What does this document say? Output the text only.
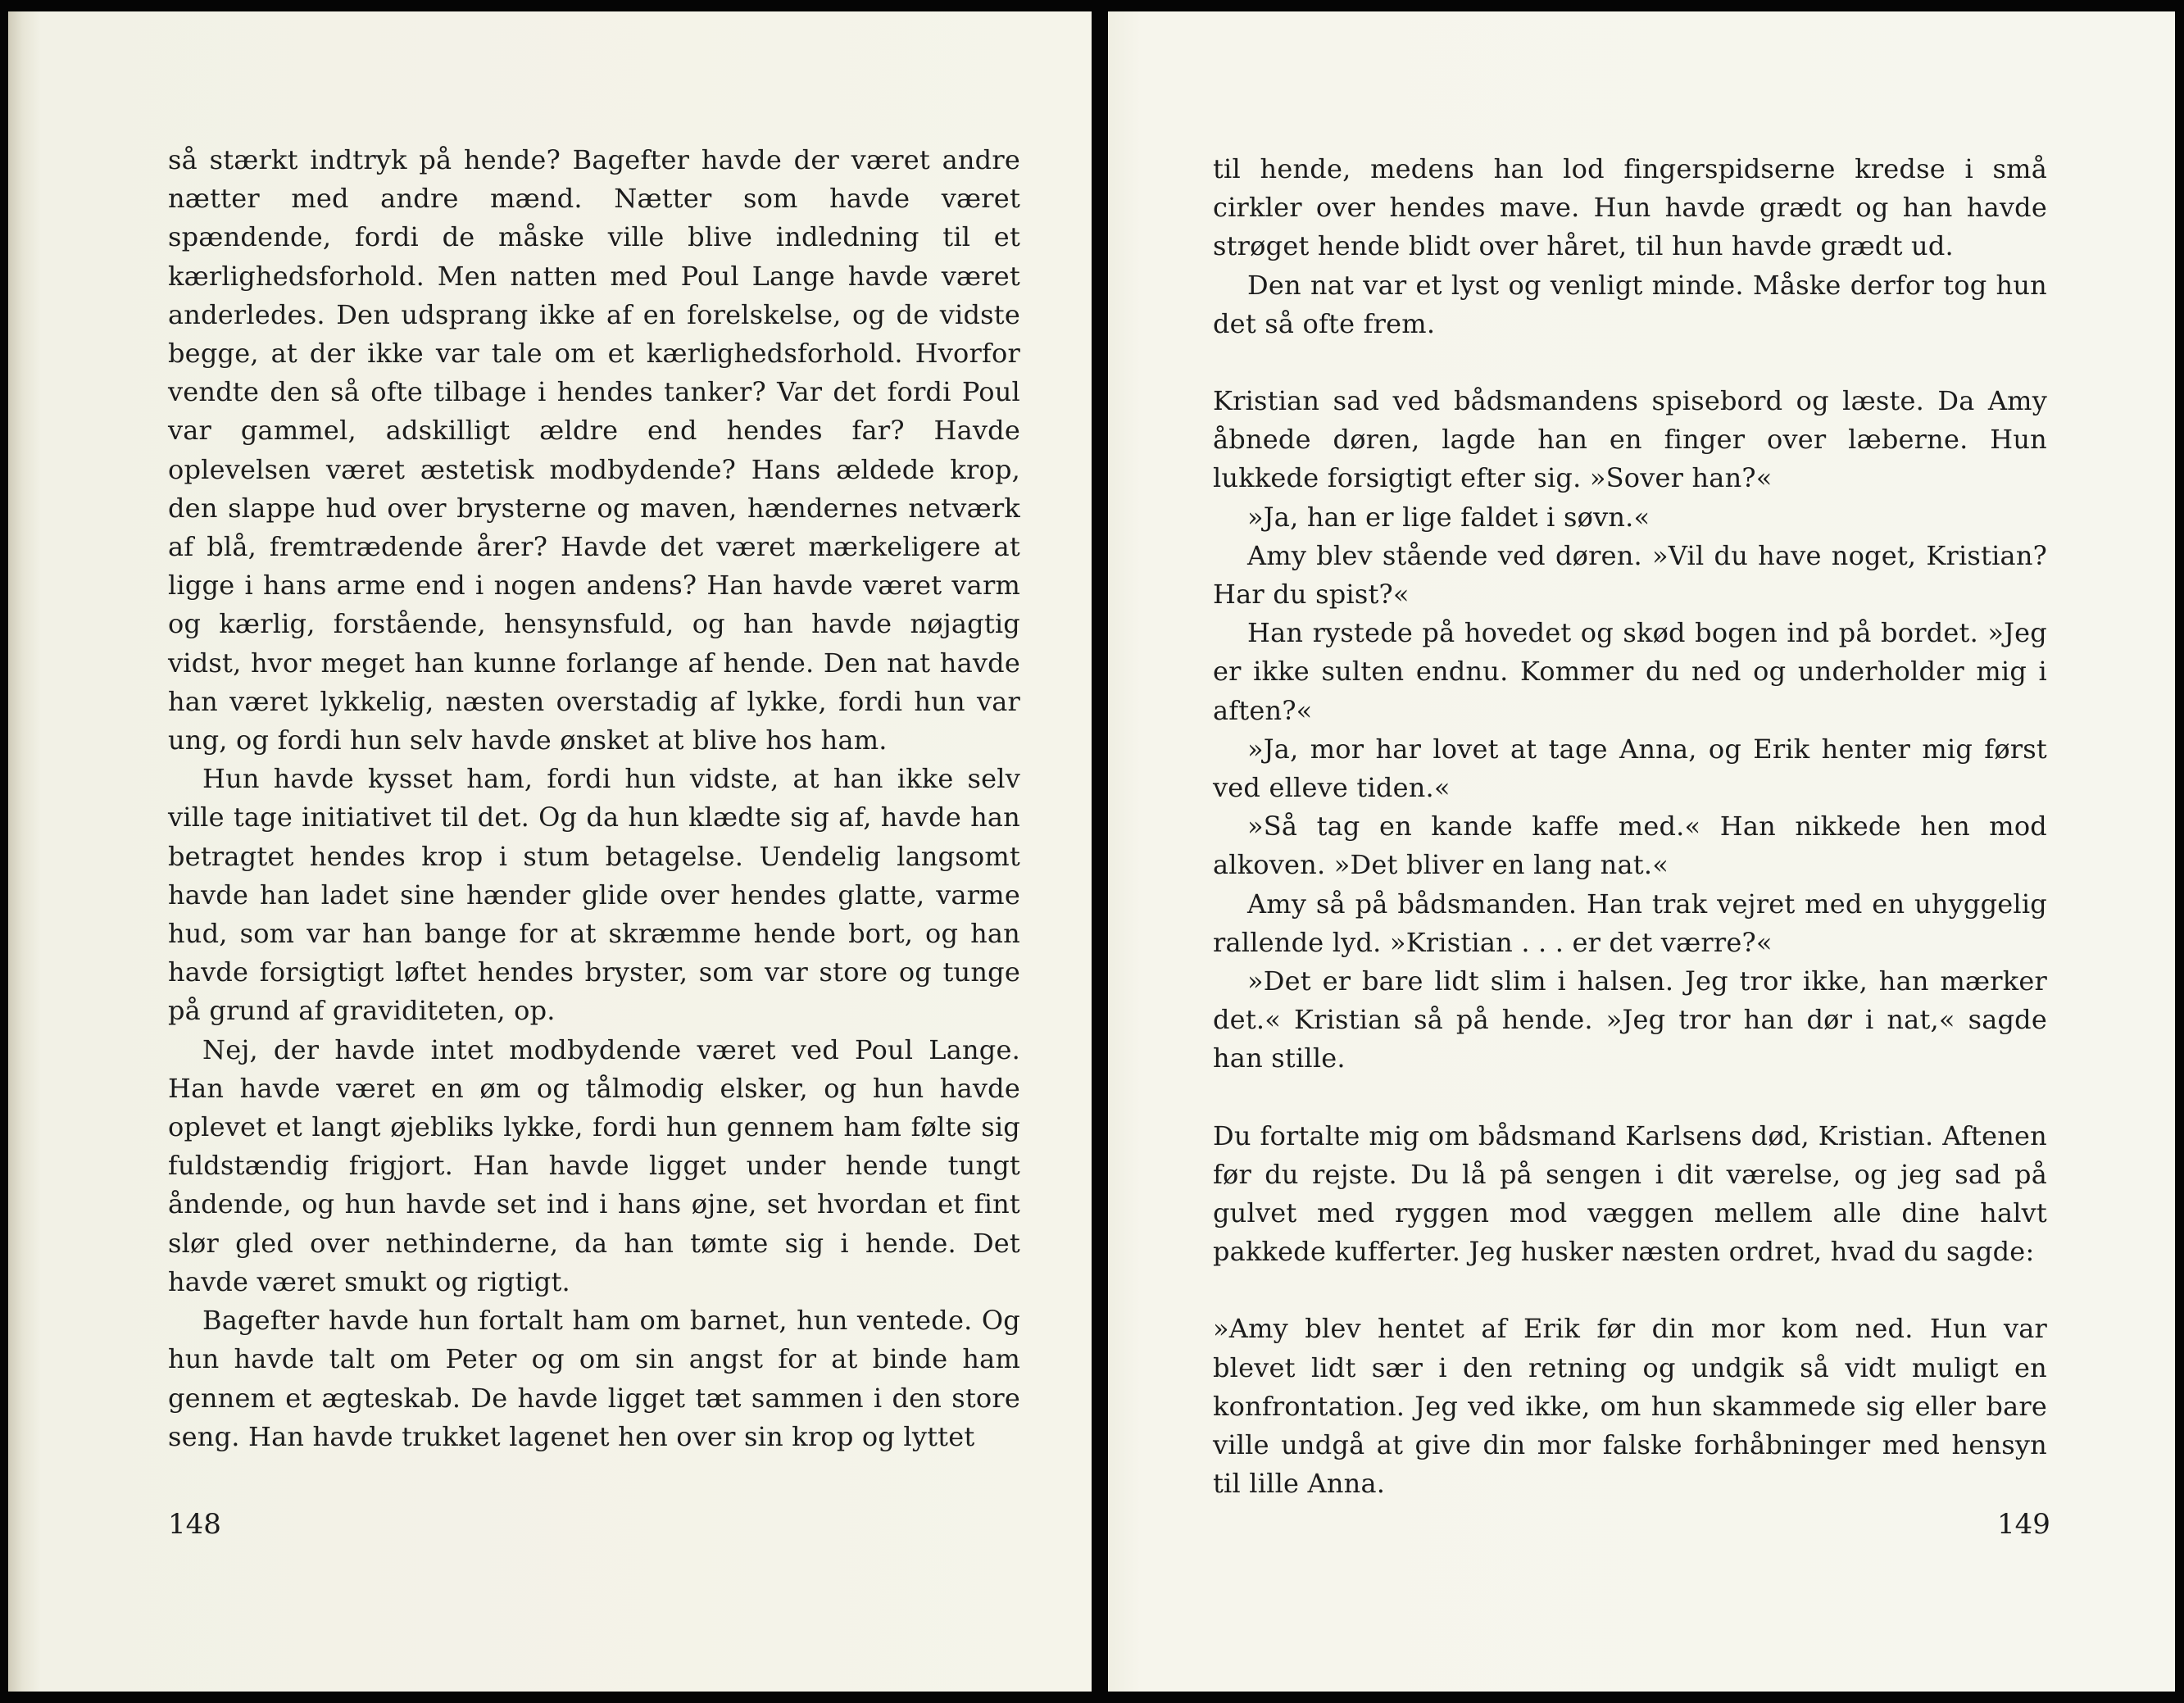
så stærkt indtryk på hende? Bagefter havde der været andre nætter med andre mænd. Nætter som havde været spændende, fordi de måske ville blive indledning til et kærlighedsforhold. Men natten med Poul Lange havde været anderledes. Den udsprang ikke af en forelskelse, og de vidste begge, at der ikke var tale om et kærlighedsforhold. Hvorfor vendte den så ofte tilbage i hendes tanker? Var det fordi Poul var gammel, adskilligt ældre end hendes far? Havde oplevelsen været æstetisk modbydende? Hans ældede krop, den slappe hud over brysterne og maven, hændernes netværk af blå, fremtrædende årer? Havde det været mærkeligere at ligge i hans arme end i nogen andens? Han havde været varm og kærlig, forstående, hensynsfuld, og han havde nøjagtig vidst, hvor meget han kunne forlange af hende. Den nat havde han været lykkelig, næsten overstadig af lykke, fordi hun var ung, og fordi hun selv havde ønsket at blive hos ham.

Hun havde kysset ham, fordi hun vidste, at han ikke selv ville tage initiativet til det. Og da hun klædte sig af, havde han betragtet hendes krop i stum betagelse. Uendelig langsomt havde han ladet sine hænder glide over hendes glatte, varme hud, som var han bange for at skræmme hende bort, og han havde forsigtigt løftet hendes bryster, som var store og tunge på grund af graviditeten, op.

Nej, der havde intet modbydende været ved Poul Lange. Han havde været en øm og tålmodig elsker, og hun havde oplevet et langt øjebliks lykke, fordi hun gennem ham følte sig fuldstændig frigjort. Han havde ligget under hende tungt åndende, og hun havde set ind i hans øjne, set hvordan et fint slør gled over nethinderne, da han tømte sig i hende. Det havde været smukt og rigtigt.

Bagefter havde hun fortalt ham om barnet, hun ventede. Og hun havde talt om Peter og om sin angst for at binde ham gennem et ægteskab. De havde ligget tæt sammen i den store seng. Han havde trukket lagenet hen over sin krop og lyttet

148

til hende, medens han lod fingerspidserne kredse i små cirkler over hendes mave. Hun havde grædt og han havde strøget hende blidt over håret, til hun havde grædt ud.

Den nat var et lyst og venligt minde. Måske derfor tog hun det så ofte frem.

Kristian sad ved bådsmandens spisebord og læste. Da Amy åbnede døren, lagde han en finger over læberne. Hun lukkede forsigtigt efter sig. »Sover han?«

»Ja, han er lige faldet i søvn.«

Amy blev stående ved døren. »Vil du have noget, Kristian? Har du spist?«

Han rystede på hovedet og skød bogen ind på bordet. »Jeg er ikke sulten endnu. Kommer du ned og underholder mig i aften?«

»Ja, mor har lovet at tage Anna, og Erik henter mig først ved elleve tiden.«

»Så tag en kande kaffe med.« Han nikkede hen mod alkoven. »Det bliver en lang nat.«

Amy så på bådsmanden. Han trak vejret med en uhyggelig rallende lyd. »Kristian . . . er det værre?«

»Det er bare lidt slim i halsen. Jeg tror ikke, han mærker det.« Kristian så på hende. »Jeg tror han dør i nat,« sagde han stille.

Du fortalte mig om bådsmand Karlsens død, Kristian. Aftenen før du rejste. Du lå på sengen i dit værelse, og jeg sad på gulvet med ryggen mod væggen mellem alle dine halvt pakkede kufferter. Jeg husker næsten ordret, hvad du sagde:

»Amy blev hentet af Erik før din mor kom ned. Hun var blevet lidt sær i den retning og undgik så vidt muligt en konfrontation. Jeg ved ikke, om hun skammede sig eller bare ville undgå at give din mor falske forhåbninger med hensyn til lille Anna.

149
